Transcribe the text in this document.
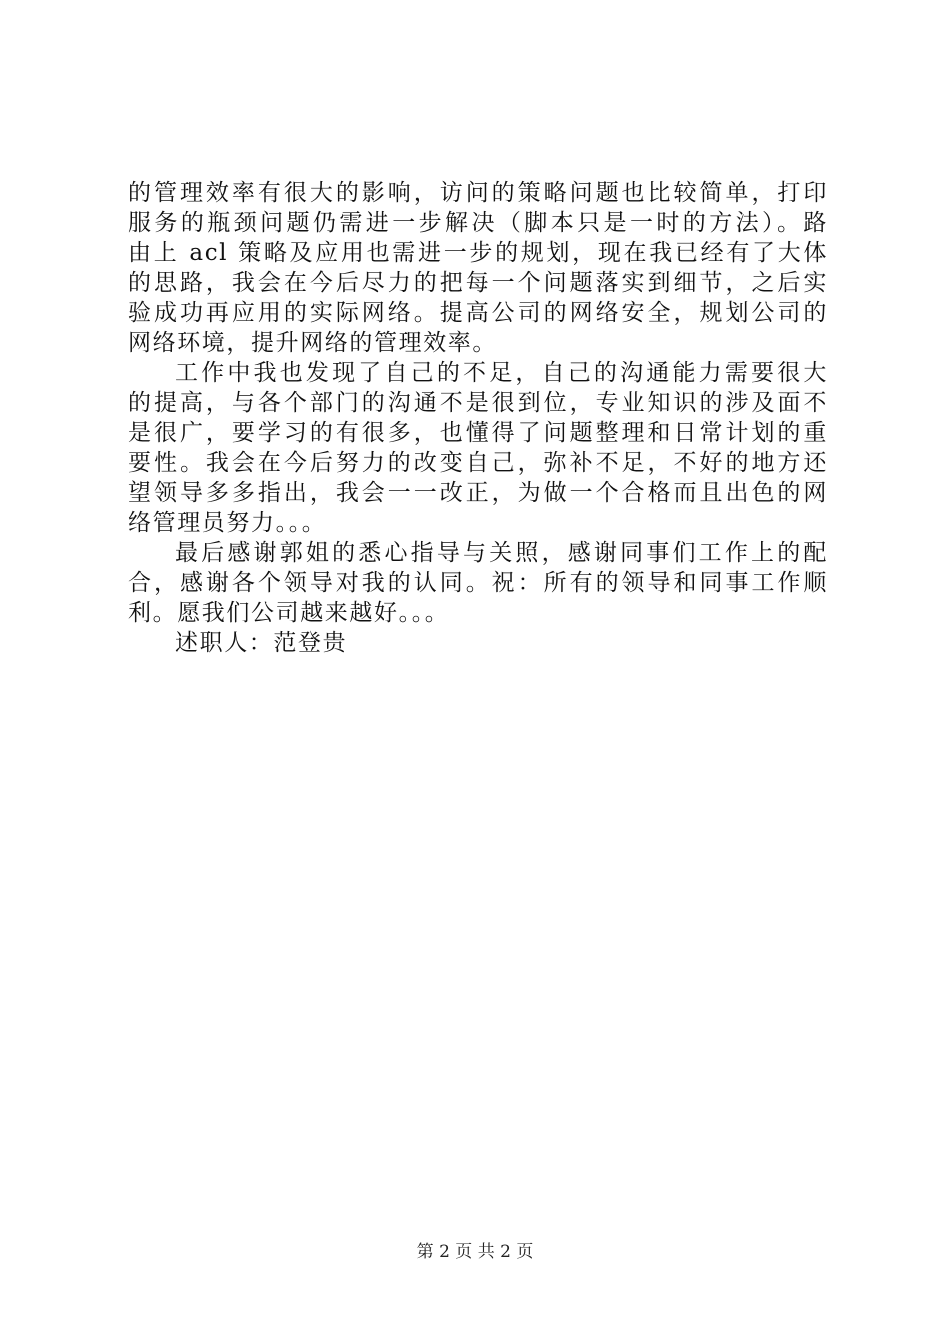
的管理效率有很大的影响，访问的策略问题也比较简单，打印
服务的瓶颈问题仍需进一步解决（脚本只是一时的方法）。路
由上 acl 策略及应用也需进一步的规划，现在我已经有了大体
的思路，我会在今后尽力的把每一个问题落实到细节，之后实
验成功再应用的实际网络。提高公司的网络安全，规划公司的
网络环境，提升网络的管理效率。
工作中我也发现了自己的不足，自己的沟通能力需要很大
的提高，与各个部门的沟通不是很到位，专业知识的涉及面不
是很广，要学习的有很多，也懂得了问题整理和日常计划的重
要性。我会在今后努力的改变自己，弥补不足，不好的地方还
望领导多多指出，我会一一改正，为做一个合格而且出色的网
络管理员努力。。。
最后感谢郭姐的悉心指导与关照，感谢同事们工作上的配
合，感谢各个领导对我的认同。祝：所有的领导和同事工作顺
利。愿我们公司越来越好。。。
述职人：范登贵
第 2 页 共 2 页
